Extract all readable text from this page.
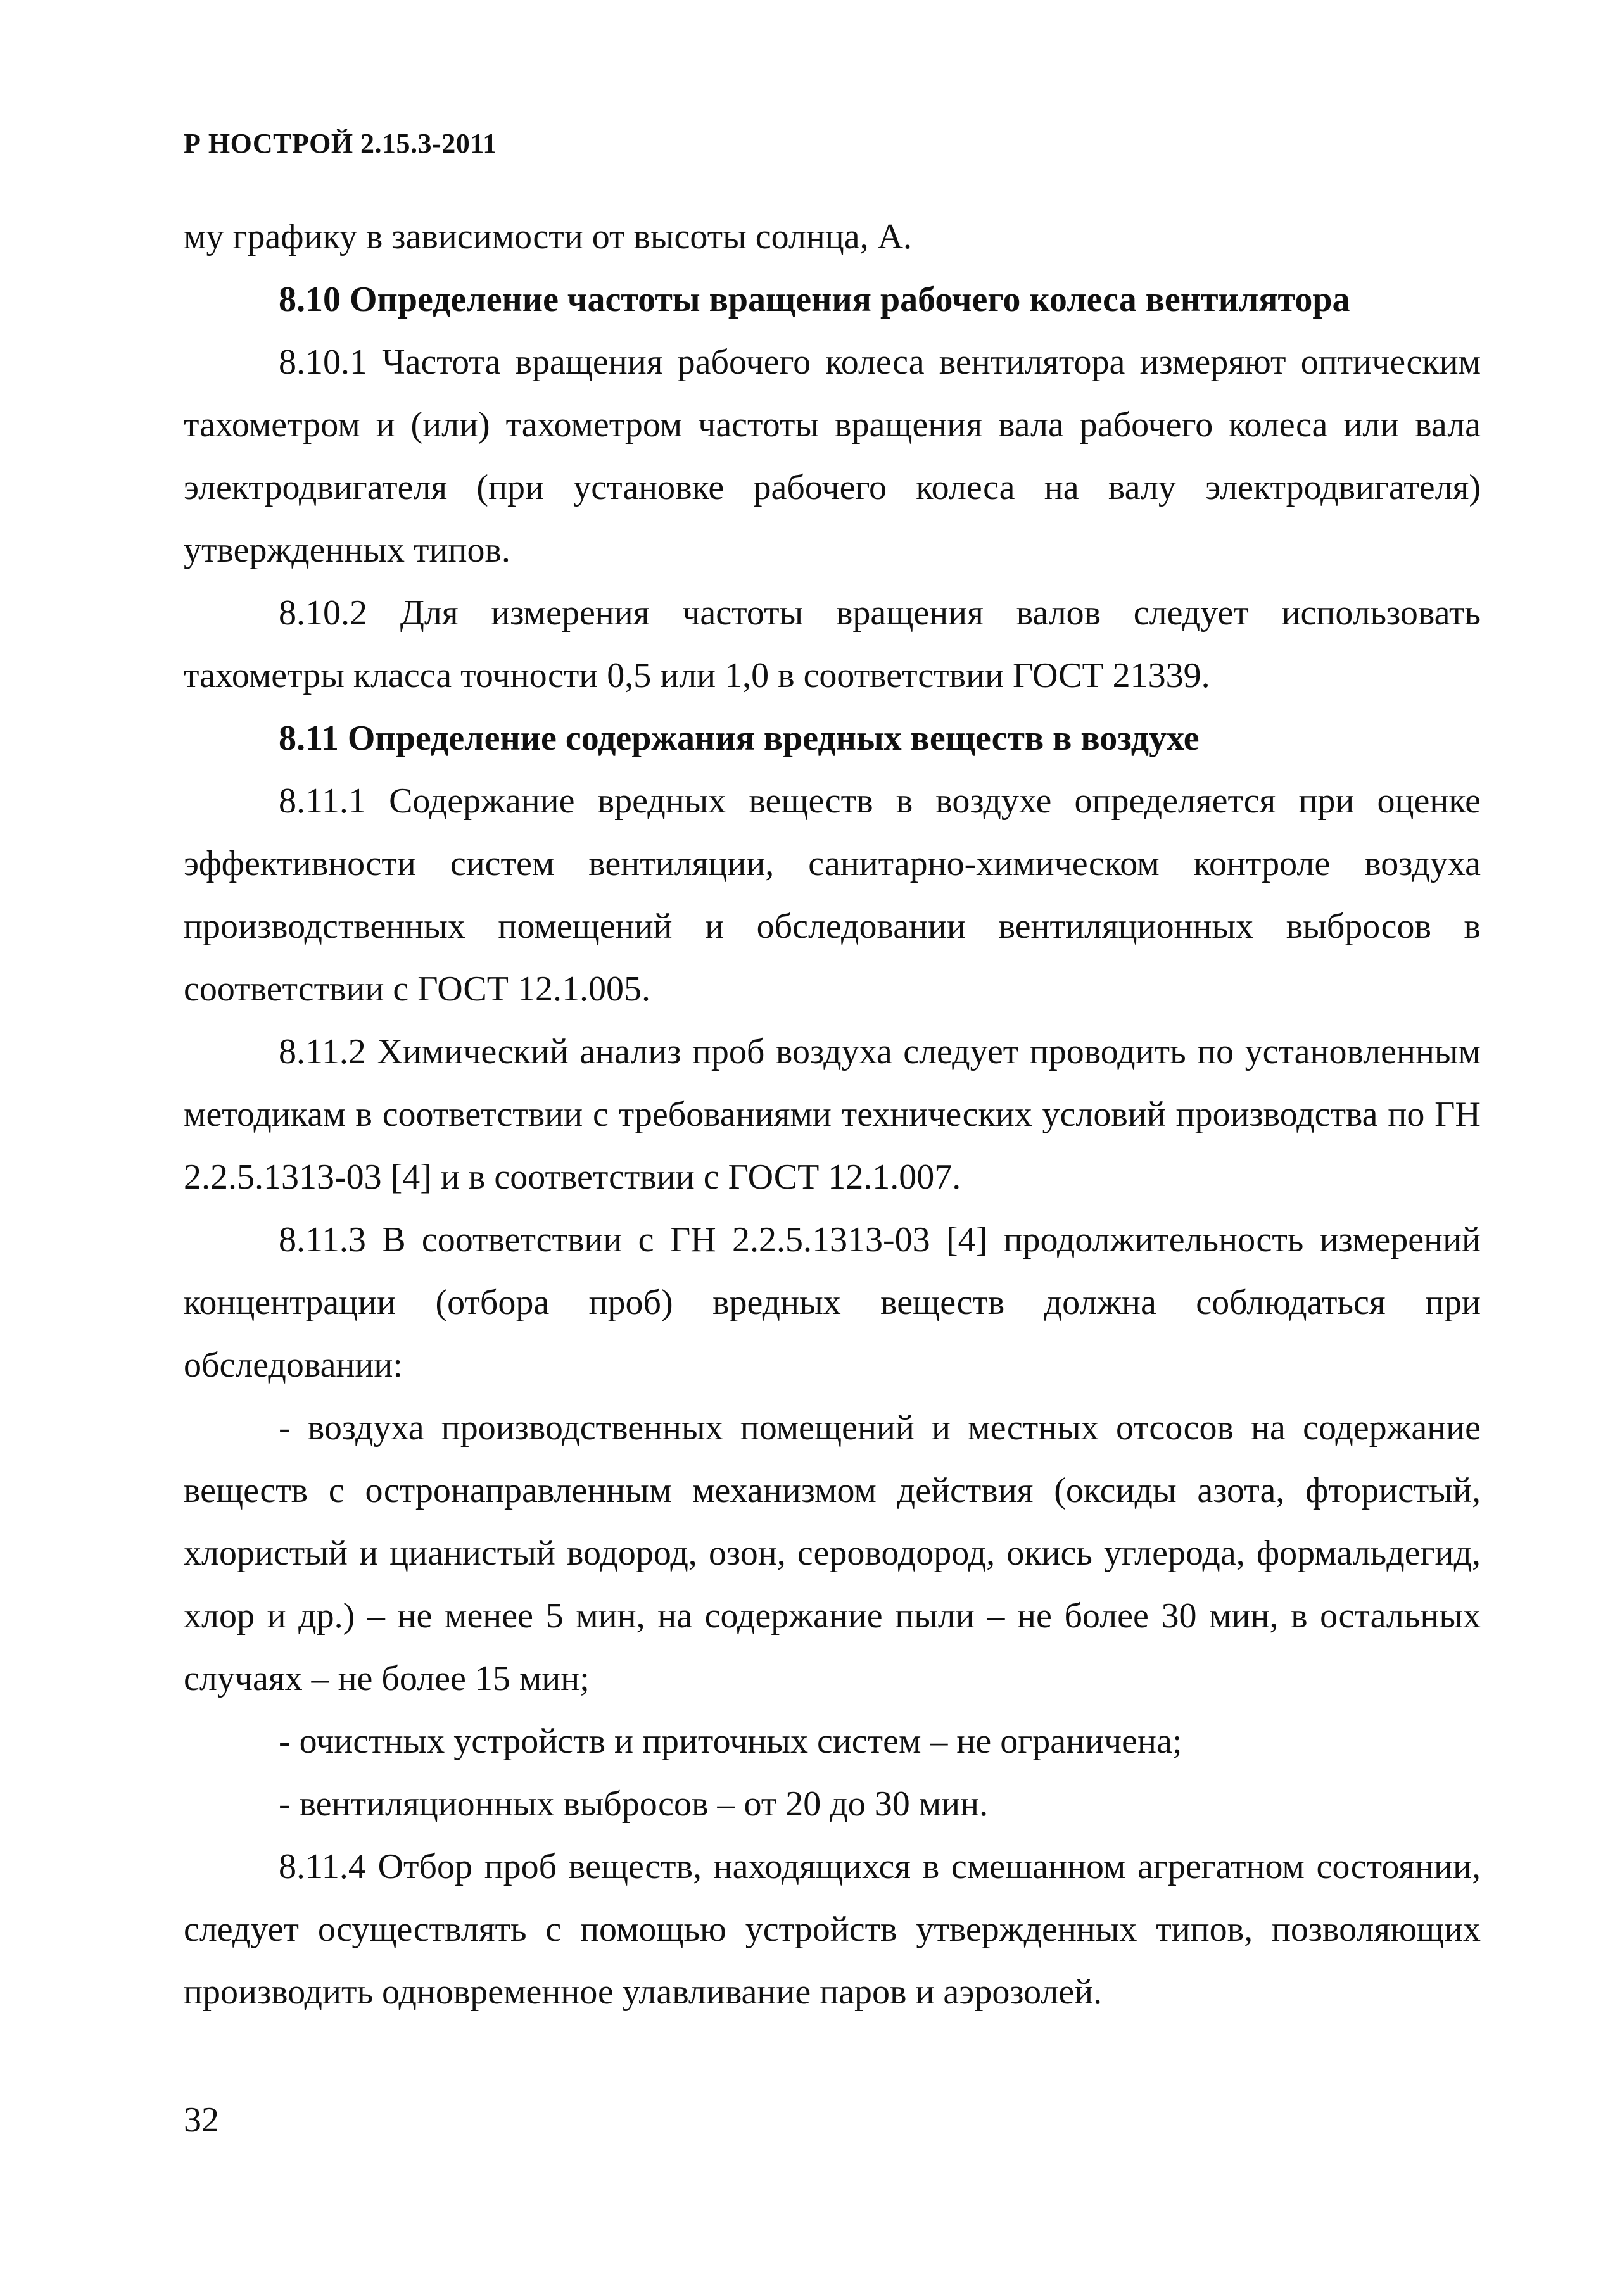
Р НОСТРОЙ 2.15.3-2011

му графику в зависимости от высоты солнца, А.

8.10 Определение частоты вращения рабочего колеса вентилятора

8.10.1 Частота вращения рабочего колеса вентилятора измеряют оптическим тахометром и (или) тахометром частоты вращения вала рабочего колеса или вала электродвигателя (при установке рабочего колеса на валу электродвигателя) утвержденных типов.

8.10.2 Для измерения частоты вращения валов следует использовать тахометры класса точности 0,5 или 1,0 в соответствии ГОСТ 21339.

8.11 Определение содержания вредных веществ в воздухе

8.11.1 Содержание вредных веществ в воздухе определяется при оценке эффективности систем вентиляции, санитарно-химическом контроле воздуха производственных помещений и обследовании вентиляционных выбросов в соответствии с ГОСТ 12.1.005.

8.11.2 Химический анализ проб воздуха следует проводить по установленным методикам в соответствии с требованиями технических условий производства по ГН 2.2.5.1313-03 [4] и в соответствии с ГОСТ 12.1.007.

8.11.3 В соответствии с ГН 2.2.5.1313-03 [4] продолжительность измерений концентрации (отбора проб) вредных веществ должна соблюдаться при обследовании:

- воздуха производственных помещений и местных отсосов на содержание веществ с остронаправленным механизмом действия (оксиды азота, фтористый, хлористый и цианистый водород, озон, сероводород, окись углерода, формальдегид, хлор и др.) – не менее 5 мин, на содержание пыли – не более 30 мин, в остальных случаях – не более 15 мин;

- очистных устройств и приточных систем – не ограничена;

- вентиляционных выбросов – от 20 до 30 мин.

8.11.4 Отбор проб веществ, находящихся в смешанном агрегатном состоянии, следует осуществлять с помощью устройств утвержденных типов, позволяющих производить одновременное улавливание паров и аэрозолей.

32
